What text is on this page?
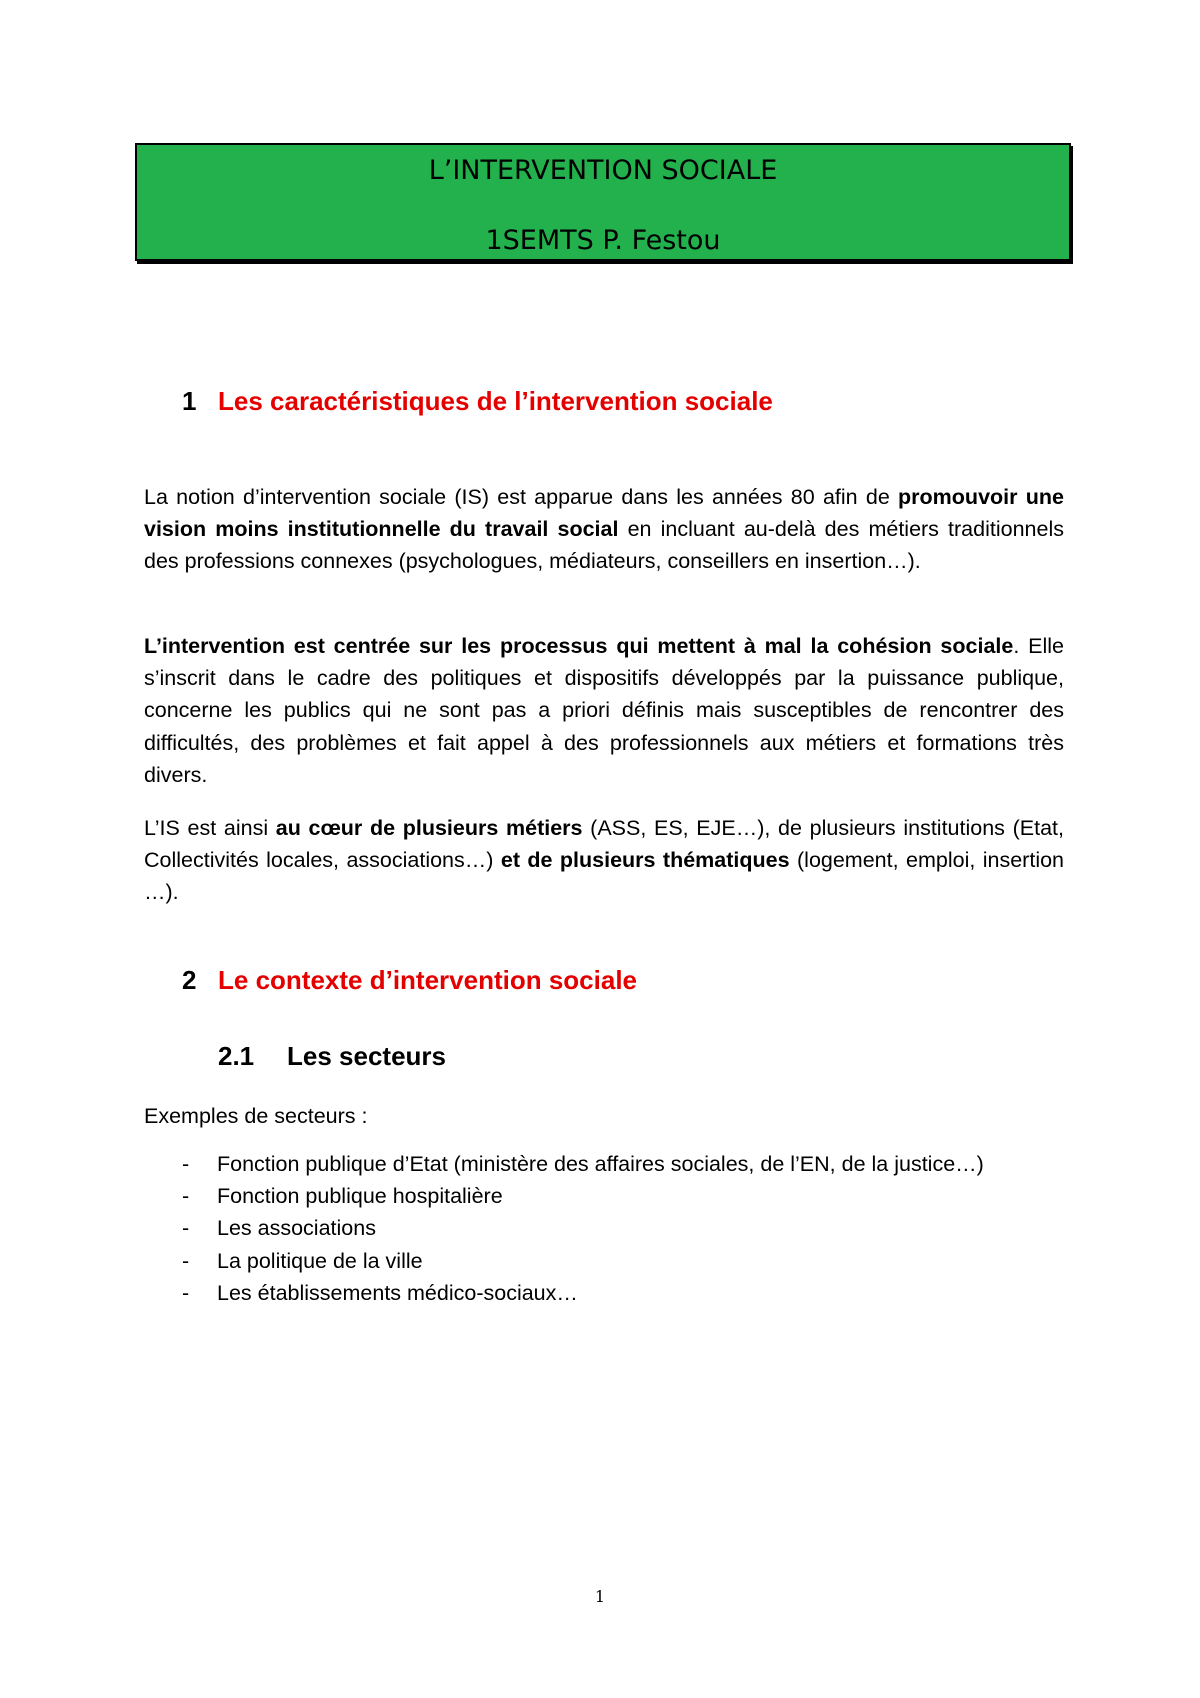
L’INTERVENTION SOCIALE
1SEMTS P. Festou
1 Les caractéristiques de l’intervention sociale
La notion d’intervention sociale (IS) est apparue dans les années 80 afin de promouvoir une vision moins institutionnelle du travail social en incluant au-delà des métiers traditionnels des professions connexes (psychologues, médiateurs, conseillers en insertion…).
L’intervention est centrée sur les processus qui mettent à mal la cohésion sociale. Elle s’inscrit dans le cadre des politiques et dispositifs développés par la puissance publique, concerne les publics qui ne sont pas a priori définis mais susceptibles de rencontrer des difficultés, des problèmes et fait appel à des professionnels aux métiers et formations très divers.
L’IS est ainsi au cœur de plusieurs métiers (ASS, ES, EJE…), de plusieurs institutions (Etat, Collectivités locales, associations…) et de plusieurs thématiques (logement, emploi, insertion …).
2 Le contexte d’intervention sociale
2.1 Les secteurs
Exemples de secteurs :
- Fonction publique d’Etat (ministère des affaires sociales, de l’EN, de la justice…)
- Fonction publique hospitalière
- Les associations
- La politique de la ville
- Les établissements médico-sociaux…
1
